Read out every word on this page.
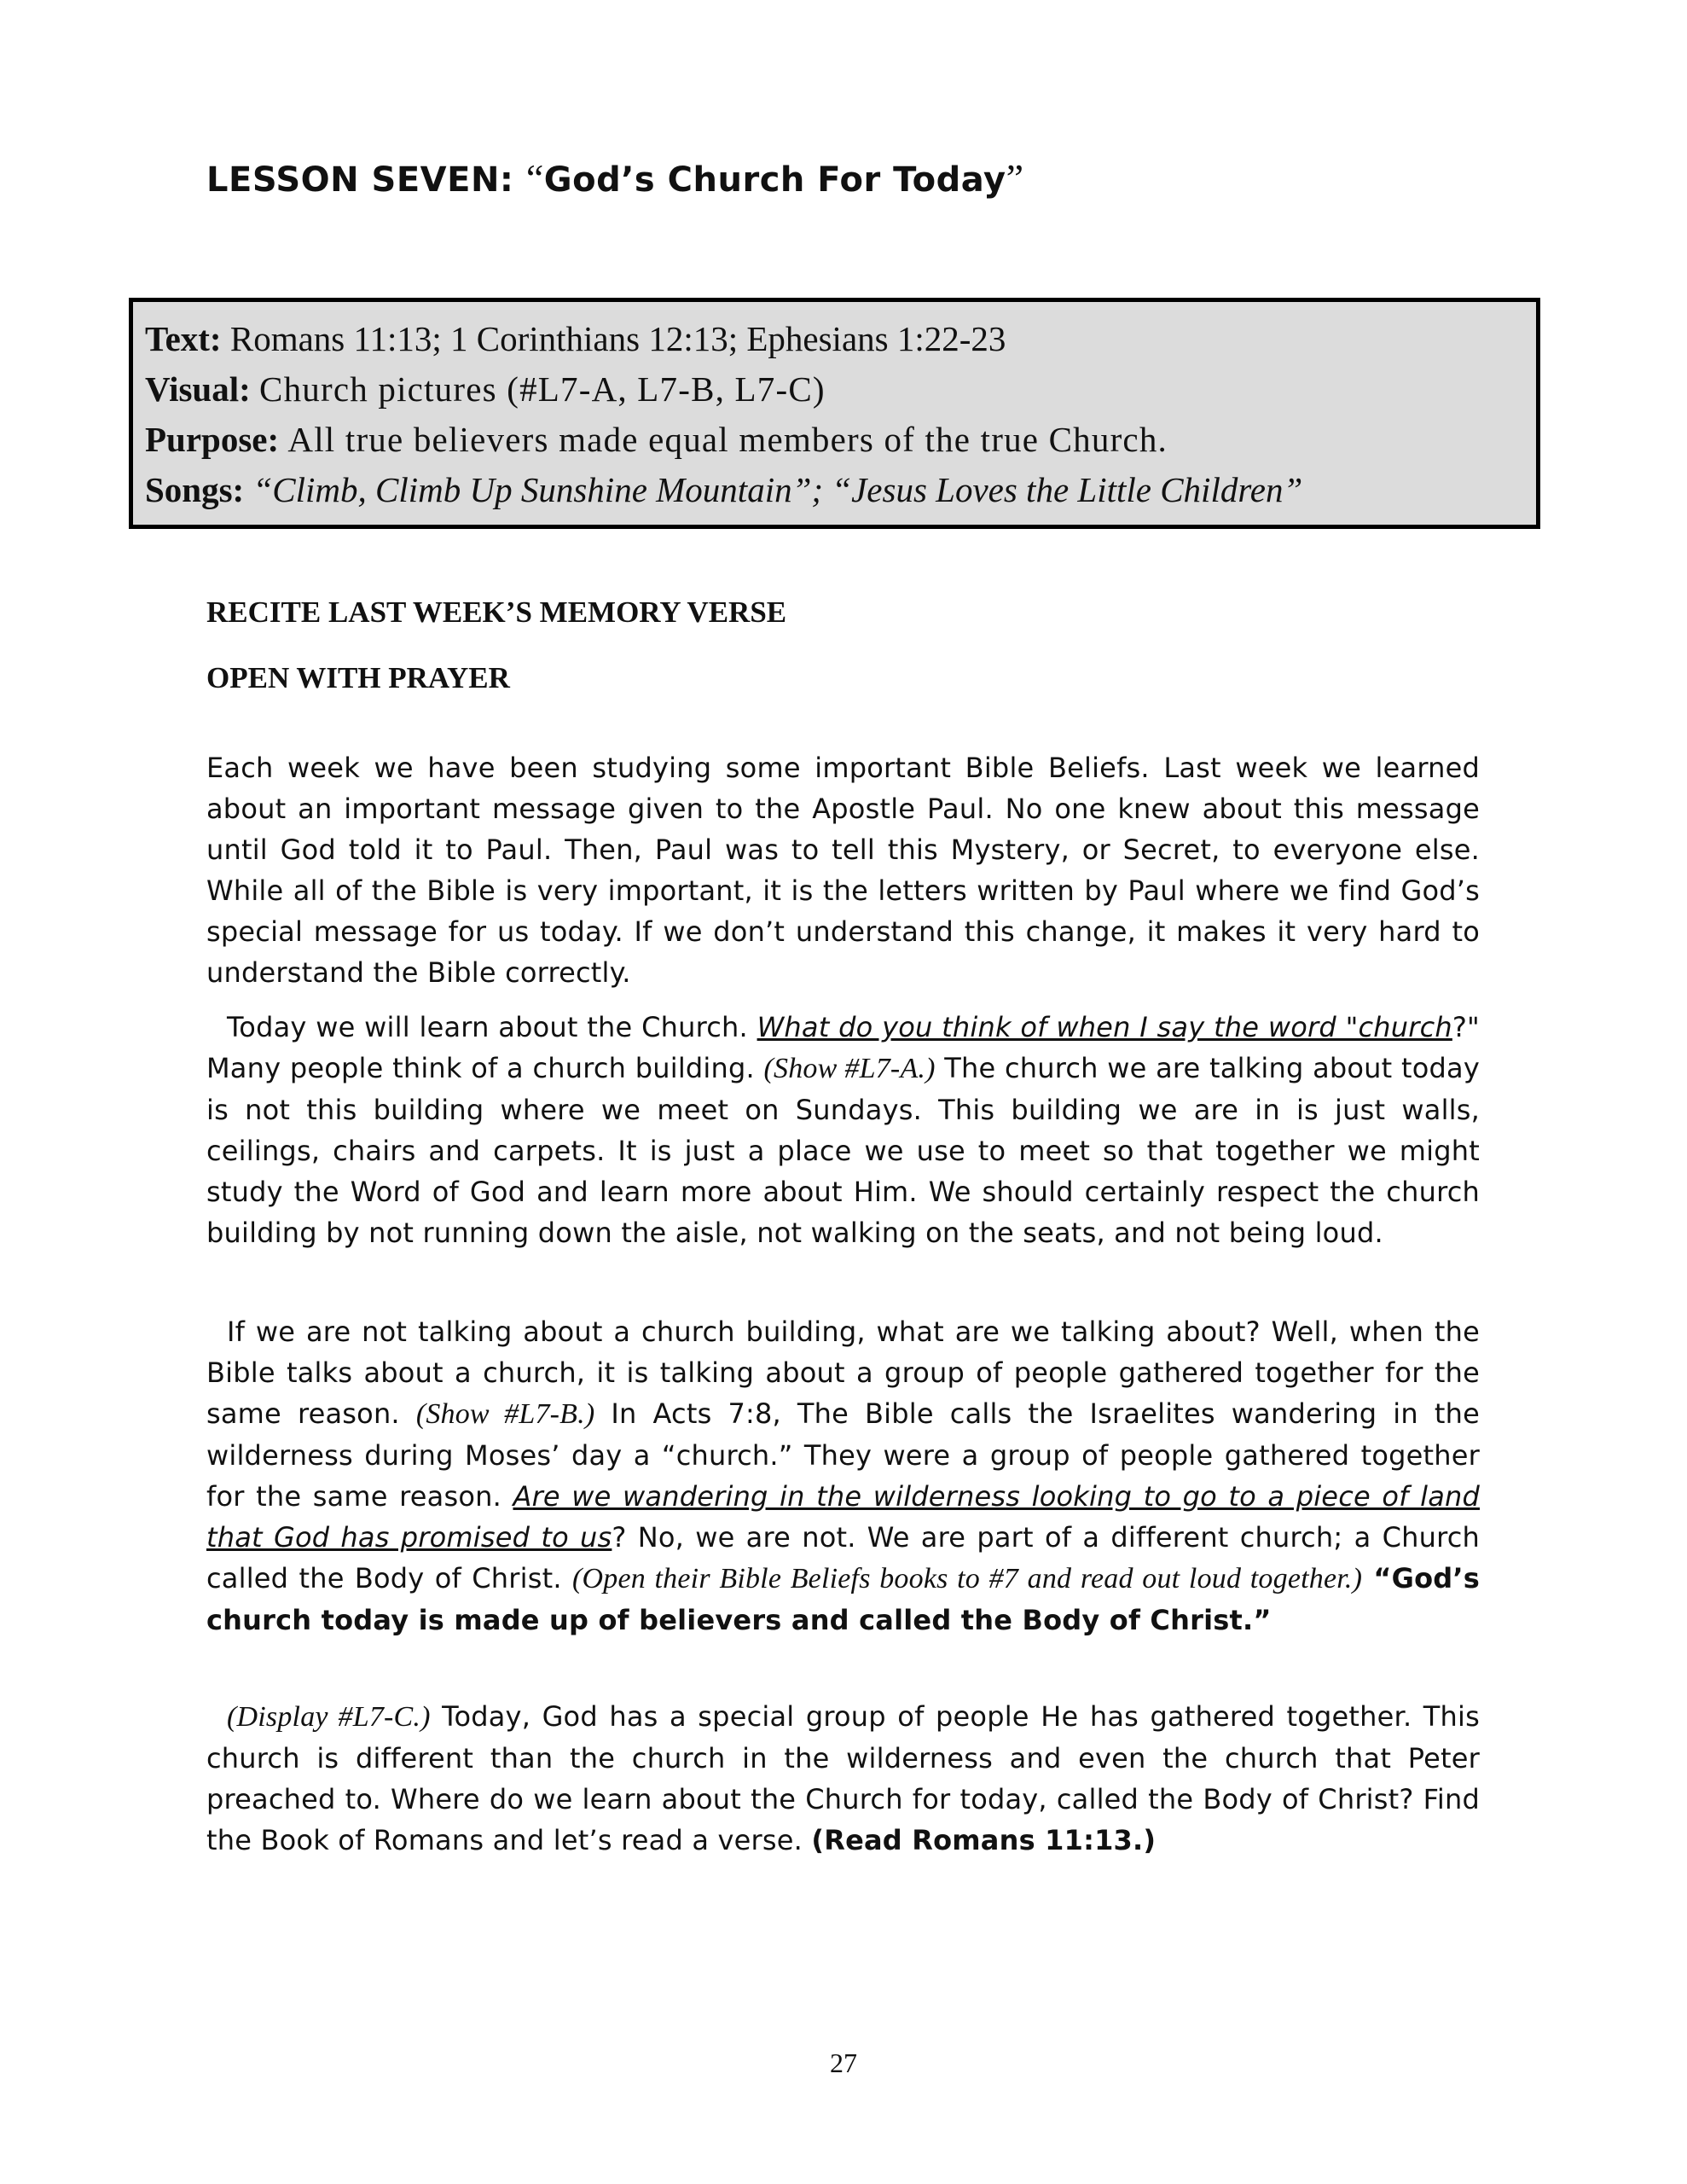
LESSON SEVEN: “God’s Church For Today”
Text: Romans 11:13; 1 Corinthians 12:13; Ephesians 1:22-23
Visual: Church pictures (#L7-A, L7-B, L7-C)
Purpose: All true believers made equal members of the true Church.
Songs: “Climb, Climb Up Sunshine Mountain”; “Jesus Loves the Little Children”
RECITE LAST WEEK’S MEMORY VERSE
OPEN WITH PRAYER

Each week we have been studying some important Bible Beliefs. Last week we learned about an important message given to the Apostle Paul. No one knew about this message until God told it to Paul. Then, Paul was to tell this Mystery, or Secret, to everyone else. While all of the Bible is very important, it is the letters written by Paul where we find God’s special message for us today. If we don’t understand this change, it makes it very hard to understand the Bible correctly.

Today we will learn about the Church. What do you think of when I say the word "church?" Many people think of a church building. (Show #L7-A.) The church we are talking about today is not this building where we meet on Sundays. This building we are in is just walls, ceilings, chairs and carpets. It is just a place we use to meet so that together we might study the Word of God and learn more about Him. We should certainly respect the church building by not running down the aisle, not walking on the seats, and not being loud.

If we are not talking about a church building, what are we talking about? Well, when the Bible talks about a church, it is talking about a group of people gathered together for the same reason. (Show #L7-B.) In Acts 7:8, The Bible calls the Israelites wandering in the wilderness during Moses’ day a “church.” They were a group of people gathered together for the same reason. Are we wandering in the wilderness looking to go to a piece of land that God has promised to us? No, we are not. We are part of a different church; a Church called the Body of Christ. (Open their Bible Beliefs books to #7 and read out loud together.) “God’s church today is made up of believers and called the Body of Christ.”

(Display #L7-C.) Today, God has a special group of people He has gathered together. This church is different than the church in the wilderness and even the church that Peter preached to. Where do we learn about the Church for today, called the Body of Christ? Find the Book of Romans and let’s read a verse. (Read Romans 11:13.)

27
